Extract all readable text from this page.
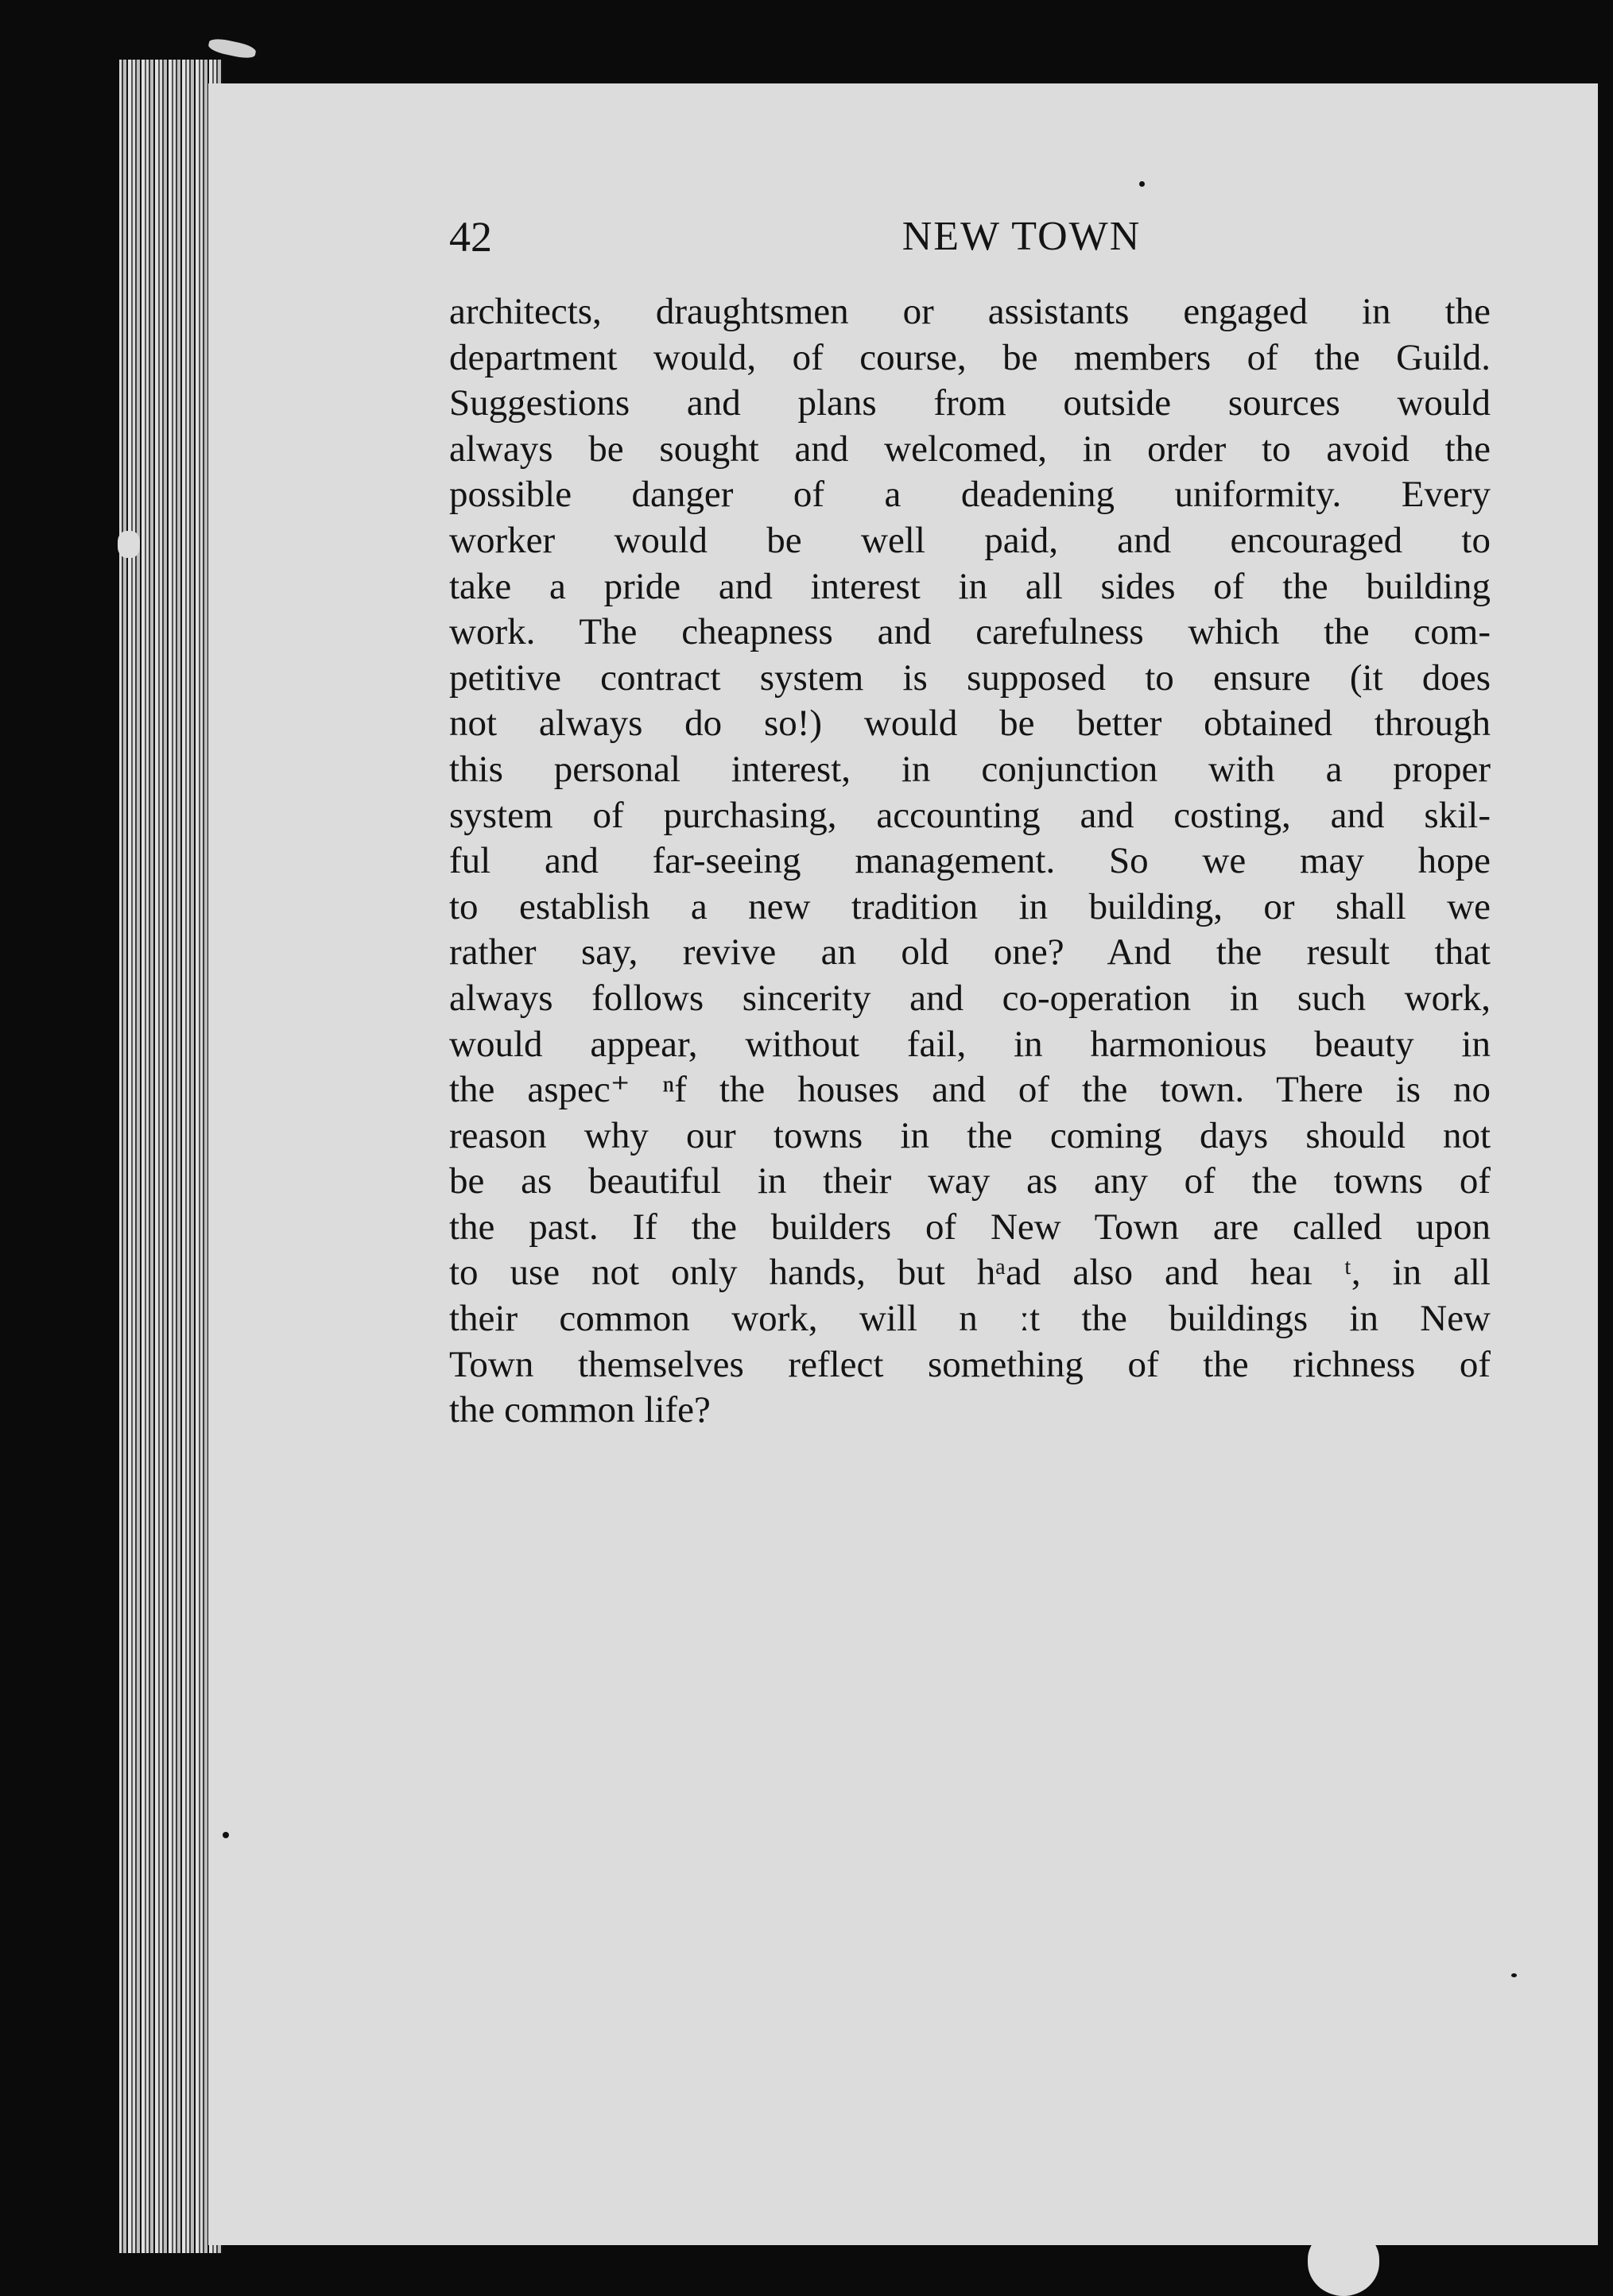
42	NEW TOWN
architects, draughtsmen or assistants engaged in the
department would, of course, be members of the Guild.
Suggestions and plans from outside sources would
always be sought and welcomed, in order to avoid the
possible danger of a deadening uniformity. Every
worker would be well paid, and encouraged to
take a pride and interest in all sides of the building
work. The cheapness and carefulness which the com-
petitive contract system is supposed to ensure (it does
not always do so!) would be better obtained through
this personal interest, in conjunction with a proper
system of purchasing, accounting and costing, and skil-
ful and far-seeing management. So we may hope
to establish a new tradition in building, or shall we
rather say, revive an old one? And the result that
always follows sincerity and co-operation in such work,
would appear, without fail, in harmonious beauty in
the aspec⁺ ⁿf the houses and of the town. There is no
reason why our towns in the coming days should not
be as beautiful in their way as any of the towns of
the past. If the builders of New Town are called upon
to use not only hands, but hᵃad also and heaı ᵗ, in all
their common work, will n ːt the buildings in New
Town themselves reflect something of the richness of
the common life?
